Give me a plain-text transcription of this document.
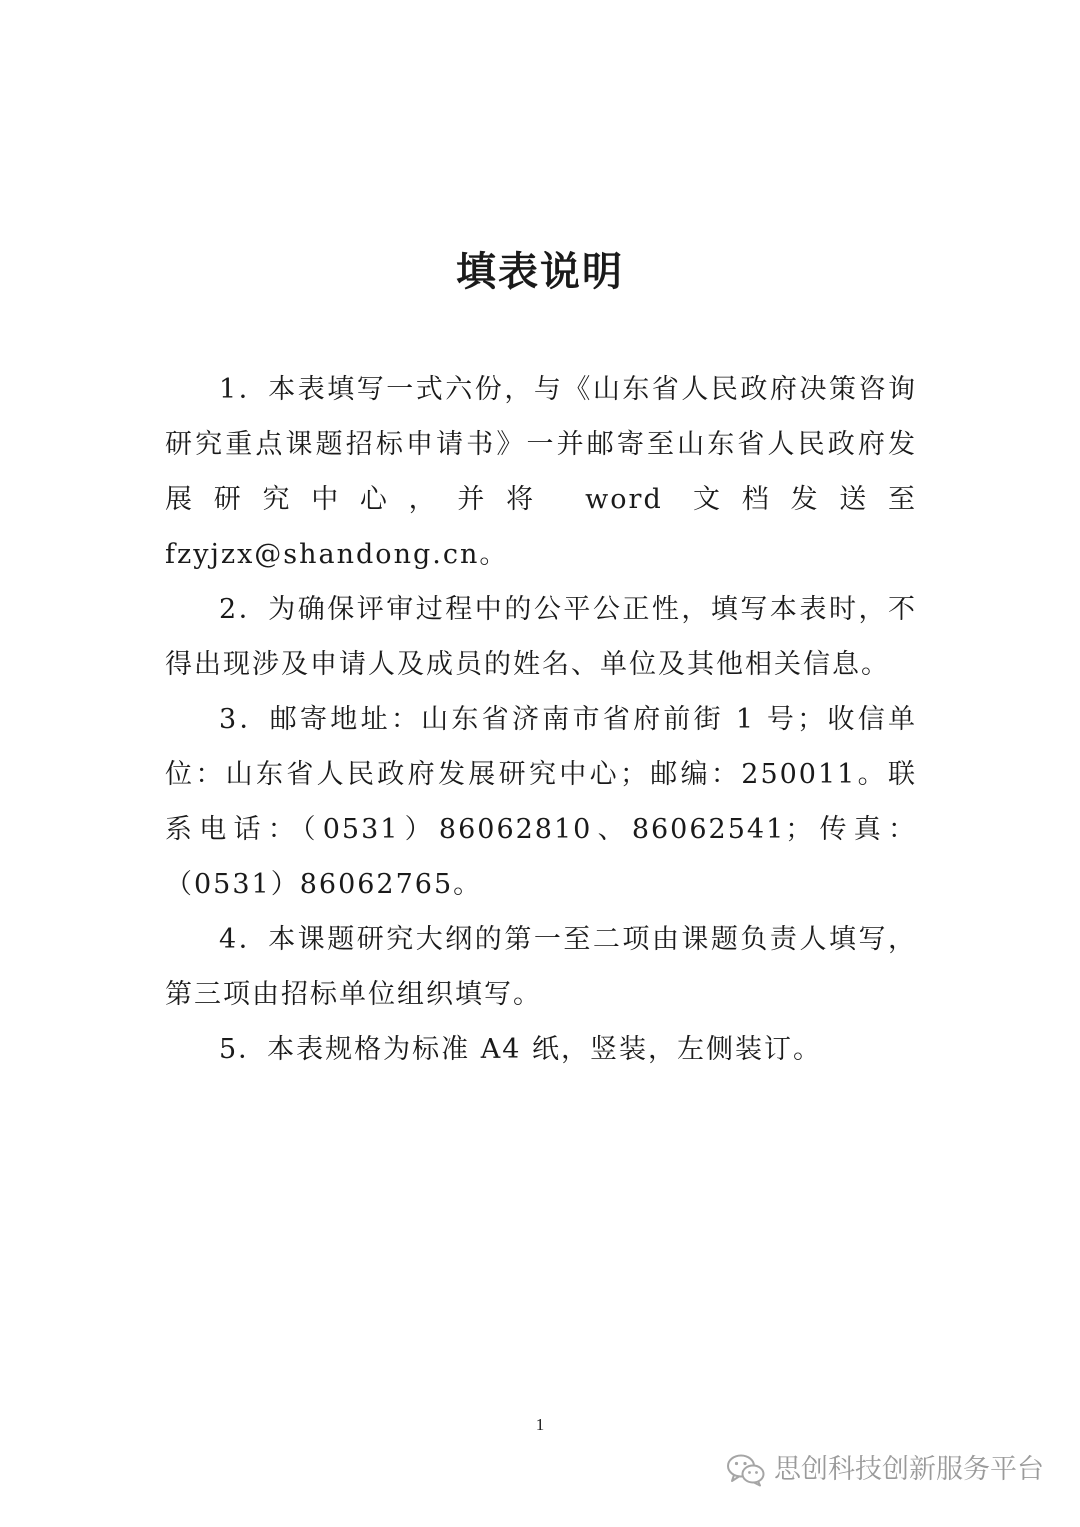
填表说明

1．本表填写一式六份，与《山东省人民政府决策咨询研究重点课题招标申请书》一并邮寄至山东省人民政府发展研究中心，并将 word 文档发送至 fzyjzx@shandong.cn。

2．为确保评审过程中的公平公正性，填写本表时，不得出现涉及申请人及成员的姓名、单位及其他相关信息。

3．邮寄地址：山东省济南市省府前街 1 号；收信单位：山东省人民政府发展研究中心；邮编：250011。联系电话：（0531）86062810、86062541；传真：（0531）86062765。

4．本课题研究大纲的第一至二项由课题负责人填写，第三项由招标单位组织填写。

5．本表规格为标准 A4 纸，竖装，左侧装订。

1
思创科技创新服务平台
